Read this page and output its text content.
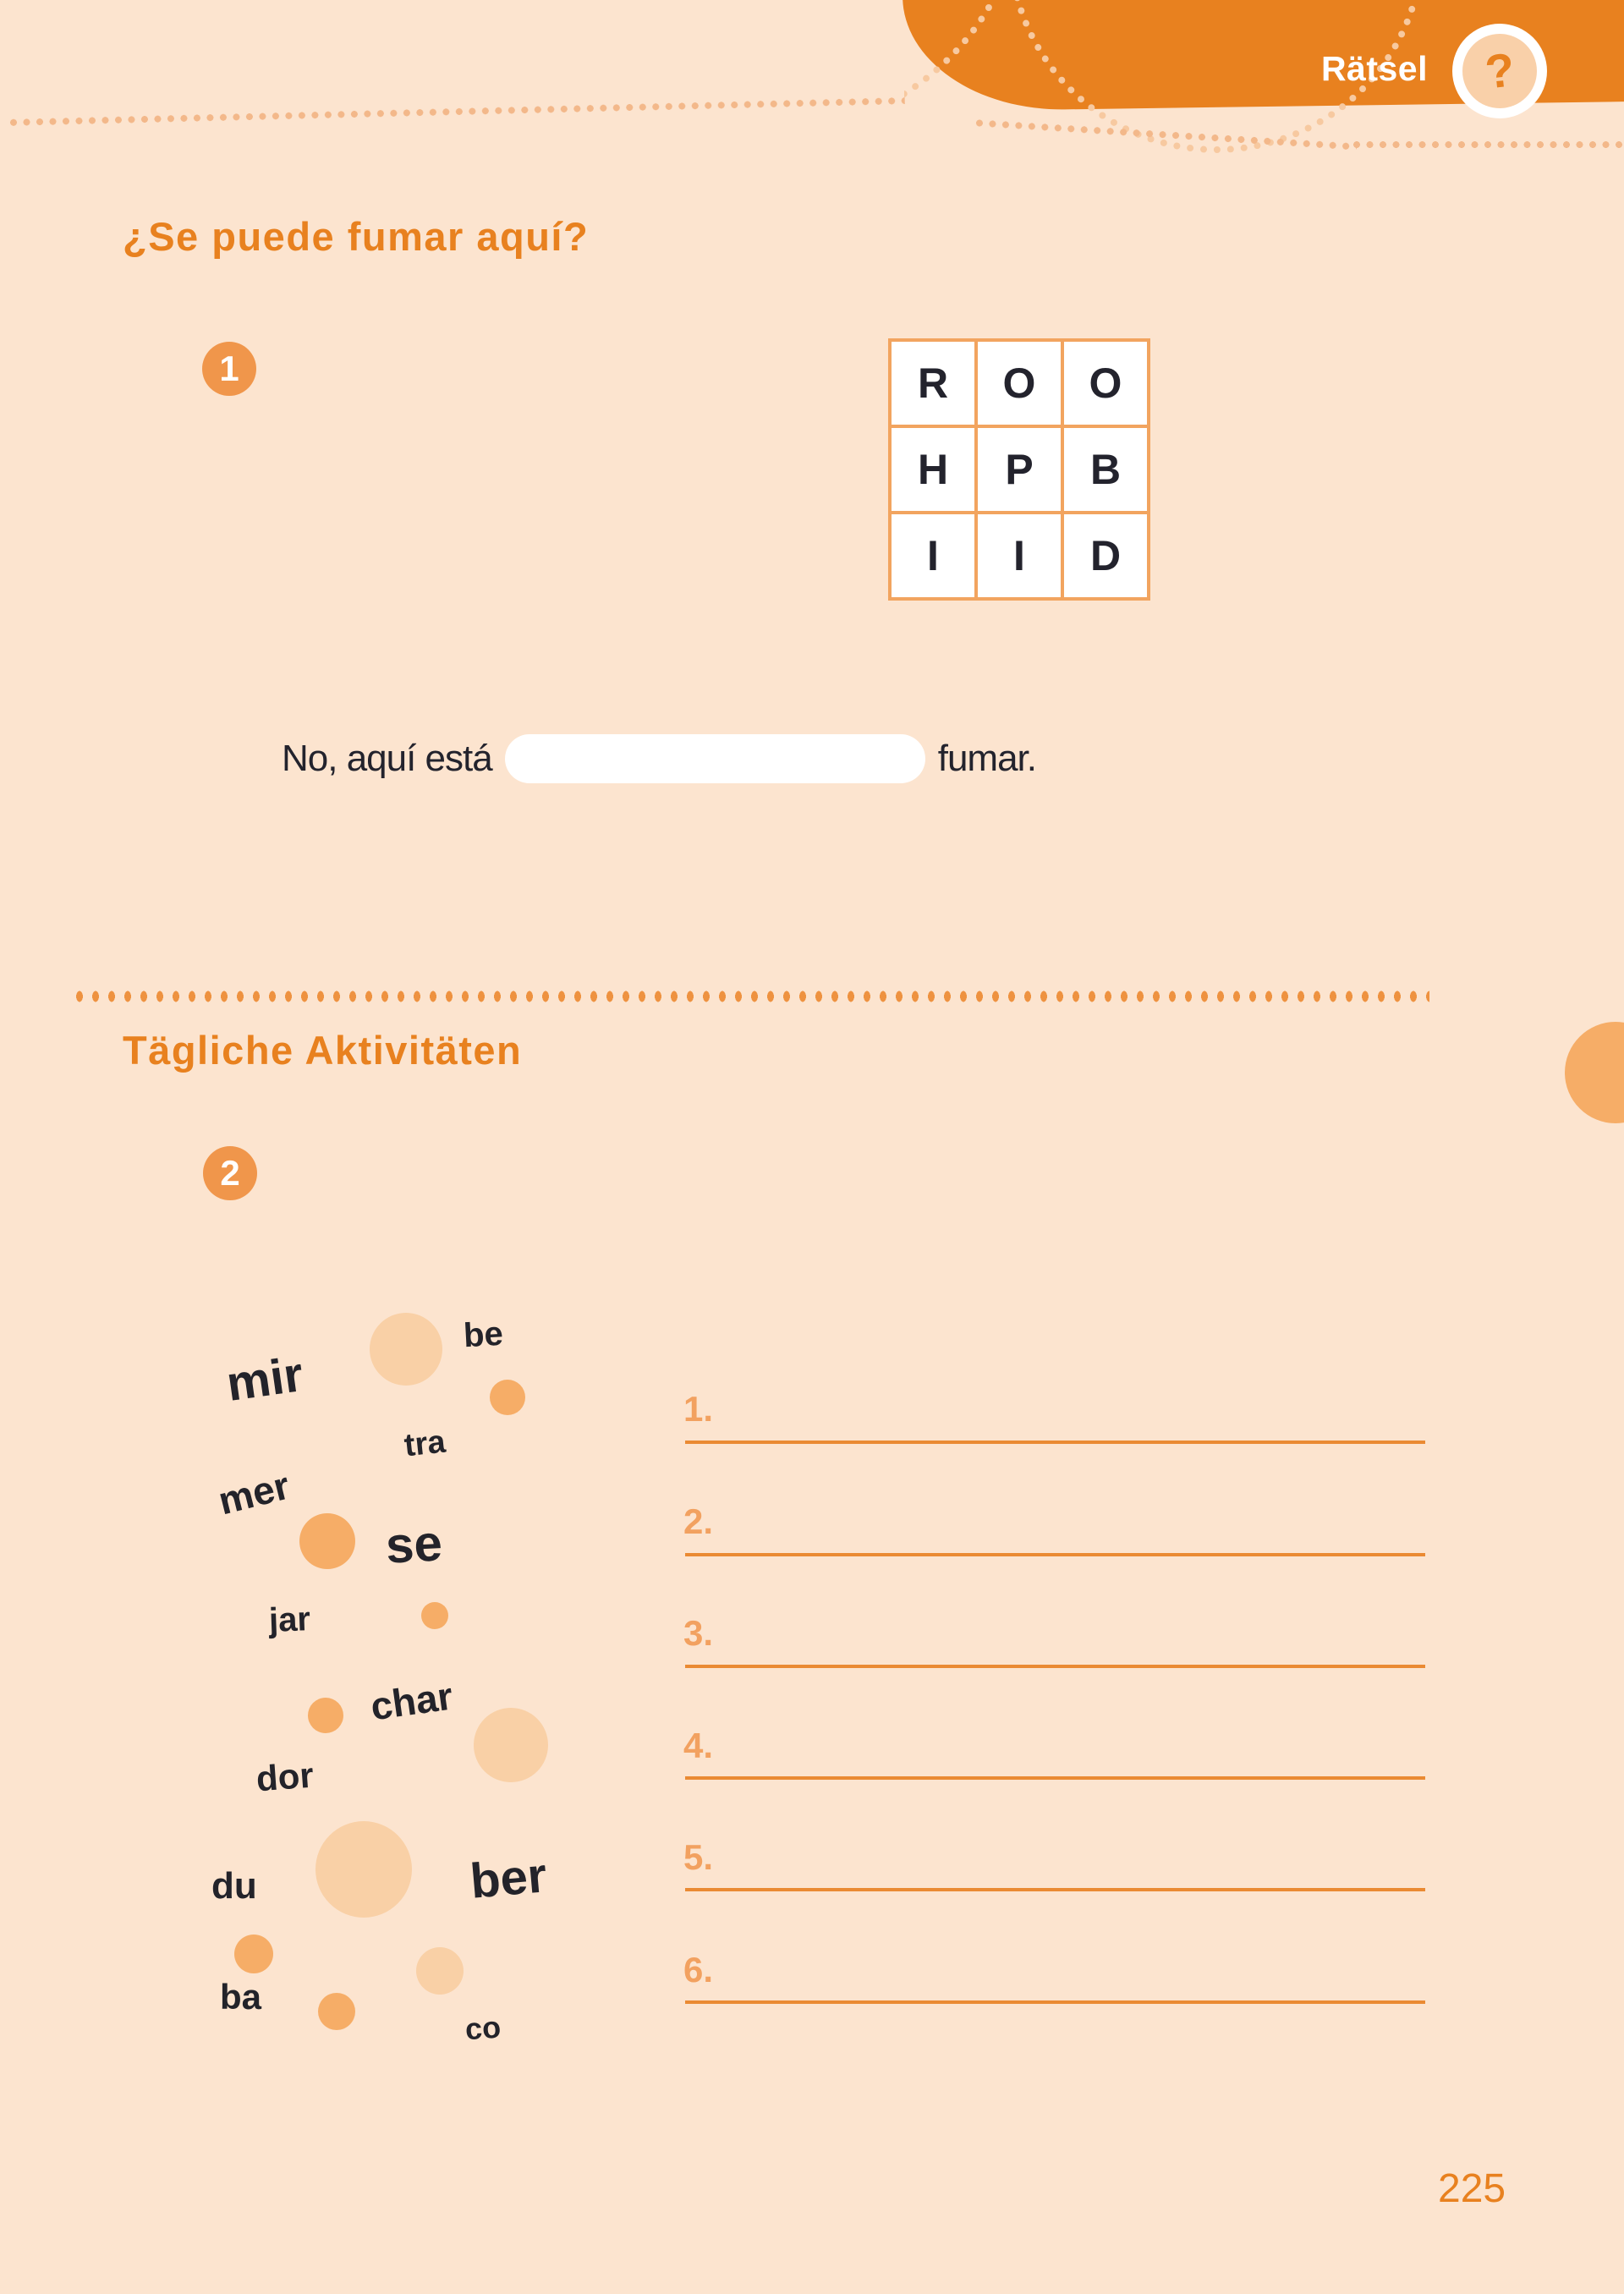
Rätsel ?
¿Se puede fumar aquí?
1	R	O	O
H	P	B
I	I	D
No, aquí está	fumar.
Tägliche Aktivitäten
2
be
mir
tra
mer
se
jar
char
dor
du	ber
ba
co
1.
2.
3.
4.
5.
6.
225
